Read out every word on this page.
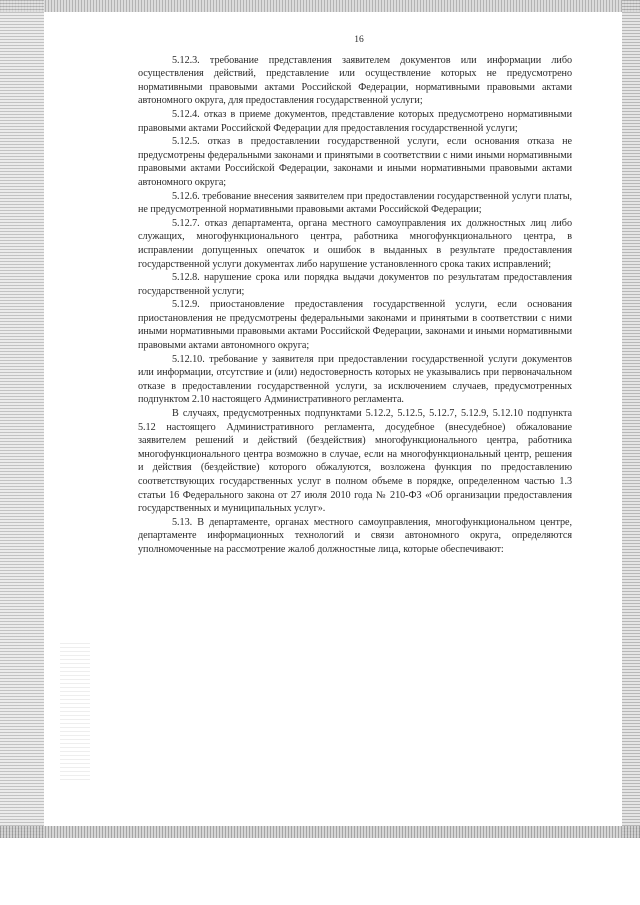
16

5.12.3. требование представления заявителем документов или информации либо осуществления действий, представление или осуществление которых не предусмотрено нормативными правовыми актами Российской Федерации, нормативными правовыми актами автономного округа, для предоставления государственной услуги;

5.12.4. отказ в приеме документов, представление которых предусмотрено нормативными правовыми актами Российской Федерации для предоставления государственной услуги;

5.12.5. отказ в предоставлении государственной услуги, если основания отказа не предусмотрены федеральными законами и принятыми в соответствии с ними иными нормативными правовыми актами Российской Федерации, законами и иными нормативными правовыми актами автономного округа;

5.12.6. требование внесения заявителем при предоставлении государственной услуги платы, не предусмотренной нормативными правовыми актами Российской Федерации;

5.12.7. отказ департамента, органа местного самоуправления их должностных лиц либо служащих, многофункционального центра, работника многофункционального центра, в исправлении допущенных опечаток и ошибок в выданных в результате предоставления государственной услуги документах либо нарушение установленного срока таких исправлений;

5.12.8. нарушение срока или порядка выдачи документов по результатам предоставления государственной услуги;

5.12.9. приостановление предоставления государственной услуги, если основания приостановления не предусмотрены федеральными законами и принятыми в соответствии с ними иными нормативными правовыми актами Российской Федерации, законами и иными нормативными правовыми актами автономного округа;

5.12.10. требование у заявителя при предоставлении государственной услуги документов или информации, отсутствие и (или) недостоверность которых не указывались при первоначальном отказе в предоставлении государственной услуги, за исключением случаев, предусмотренных подпунктом 2.10 настоящего Административного регламента.

В случаях, предусмотренных подпунктами 5.12.2, 5.12.5, 5.12.7, 5.12.9, 5.12.10 подпункта 5.12 настоящего Административного регламента, досудебное (внесудебное) обжалование заявителем решений и действий (бездействия) многофункционального центра, работника многофункционального центра возможно в случае, если на многофункциональный центр, решения и действия (бездействие) которого обжалуются, возложена функция по предоставлению соответствующих государственных услуг в полном объеме в порядке, определенном частью 1.3 статьи 16 Федерального закона от 27 июля 2010 года № 210-ФЗ «Об организации предоставления государственных и муниципальных услуг».

5.13. В департаменте, органах местного самоуправления, многофункциональном центре, департаменте информационных технологий и связи автономного округа, определяются уполномоченные на рассмотрение жалоб должностные лица, которые обеспечивают:
